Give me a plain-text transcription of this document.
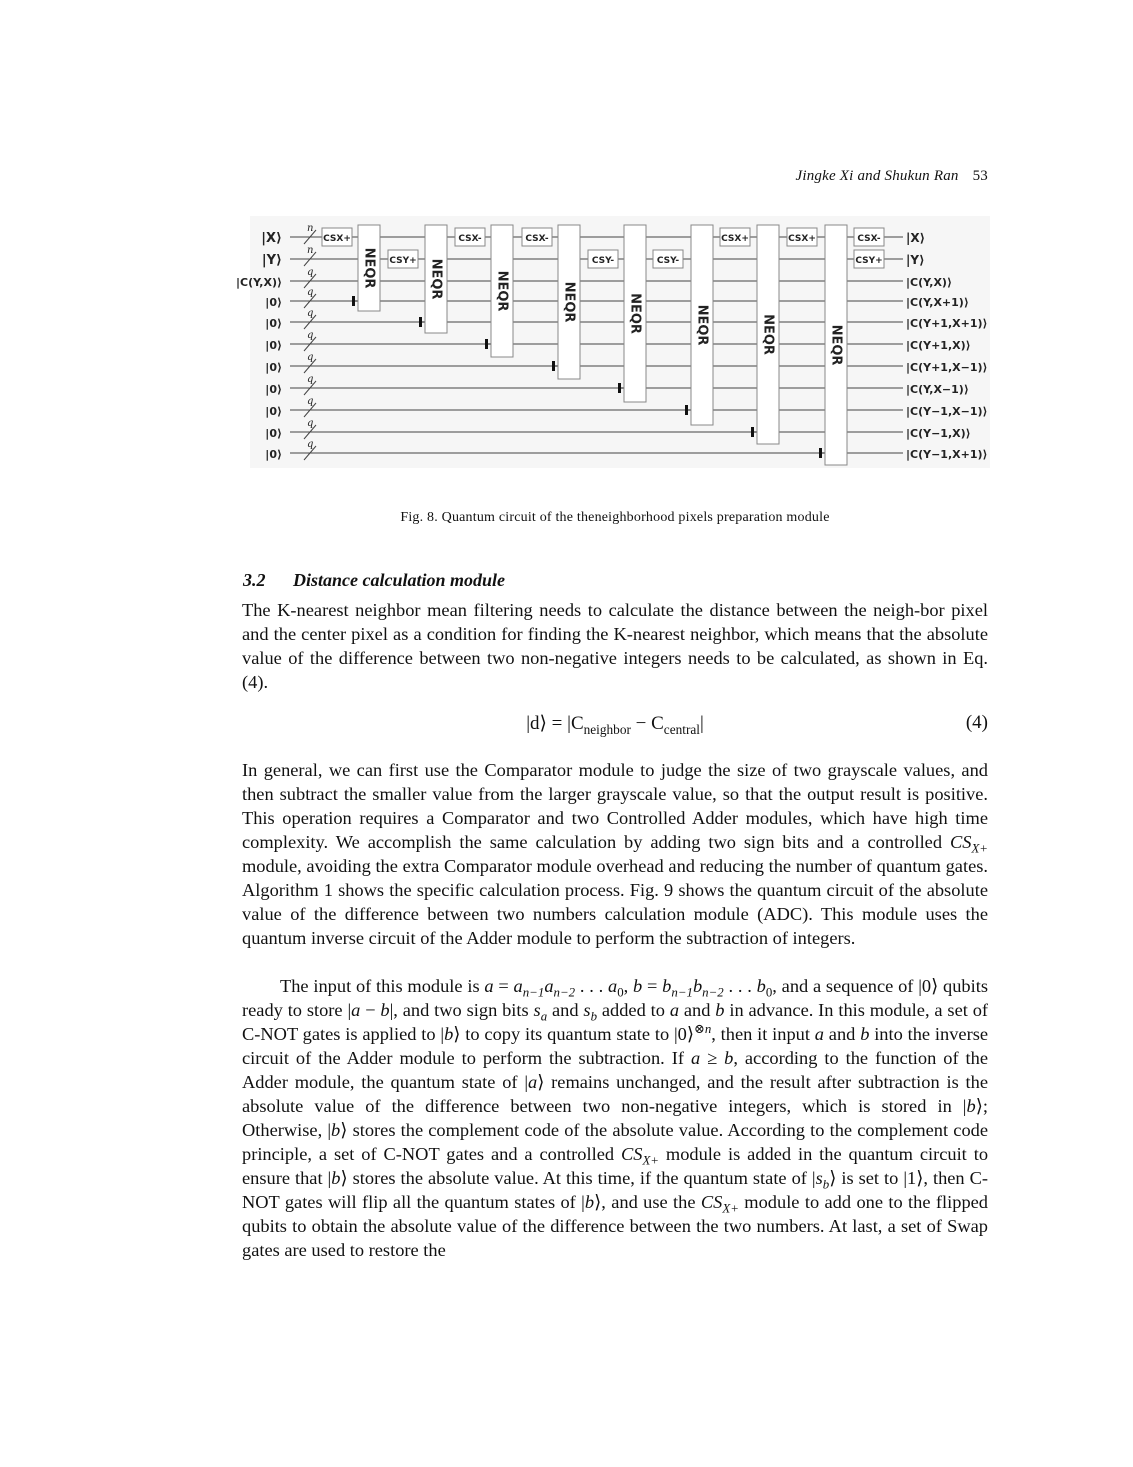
Jingke Xi and Shukun Ran 53
|X⟩
n
|X⟩
|Y⟩
n
|Y⟩
|C(Y,X)⟩
q
|C(Y,X)⟩
|0⟩
q
|C(Y,X+1)⟩
|0⟩
q
|C(Y+1,X+1)⟩
|0⟩
q
|C(Y+1,X)⟩
|0⟩
q
|C(Y+1,X−1)⟩
|0⟩
q
|C(Y,X−1)⟩
|0⟩
q
|C(Y−1,X−1)⟩
|0⟩
q
|C(Y−1,X)⟩
|0⟩
q
|C(Y−1,X+1)⟩
CSX+
CSY+
CSX-	CSX-
CSY-	CSY-
CSX+	CSX+	CSX-
CSY+
NEQR	NEQR	NEQR	NEQR	NEQR	NEQR	NEQR	NEQR
Fig. 8. Quantum circuit of the theneighborhood pixels preparation module
3.2 Distance calculation module
The K-nearest neighbor mean filtering needs to calculate the distance between the neigh-bor pixel and the center pixel as a condition for finding the K-nearest neighbor, which means that the absolute value of the difference between two non-negative integers needs to be calculated, as shown in Eq. (4).
|d⟩ = $|C_{neighbor} - C_{central}|$	(4)
In general, we can first use the Comparator module to judge the size of two grayscale values, and then subtract the smaller value from the larger grayscale value, so that the output result is positive. This operation requires a Comparator and two Controlled Adder modules, which have high time complexity. We accomplish the same calculation by adding two sign bits and a controlled $CS_{X+}$ module, avoiding the extra Comparator module overhead and reducing the number of quantum gates. Algorithm 1 shows the specific calculation process. Fig. 9 shows the quantum circuit of the absolute value of the difference between two numbers calculation module (ADC). This module uses the quantum inverse circuit of the Adder module to perform the subtraction of integers.
The input of this module is $a = a_{n-1}a_{n-2}$ . . . $a_0$, $b = b_{n-1}b_{n-2}$ . . . $b_0$, and a sequence of |0⟩ qubits ready to store |a − b|, and two sign bits $s_a$ and $s_b$ added to a and b in advance. In this module, a set of C-NOT gates is applied to |b⟩ to copy its quantum state to |0⟩$^{\otimes n}$, then it input a and b into the inverse circuit of the Adder module to perform the subtraction. If a ≥ b, according to the function of the Adder module, the quantum state of |a⟩ remains unchanged, and the result after subtraction is the absolute value of the difference between two non-negative integers, which is stored in |b⟩; Otherwise, |b⟩ stores the complement code of the absolute value. According to the complement code principle, a set of C-NOT gates and a controlled $CS_{X+}$ module is added in the quantum circuit to ensure that |b⟩ stores the absolute value. At this time, if the quantum state of $|s_b⟩$ is set to |1⟩, then C-NOT gates will flip all the quantum states of |b⟩, and use the $CS_{X+}$ module to add one to the flipped qubits to obtain the absolute value of the difference between the two numbers. At last, a set of Swap gates are used to restore the
